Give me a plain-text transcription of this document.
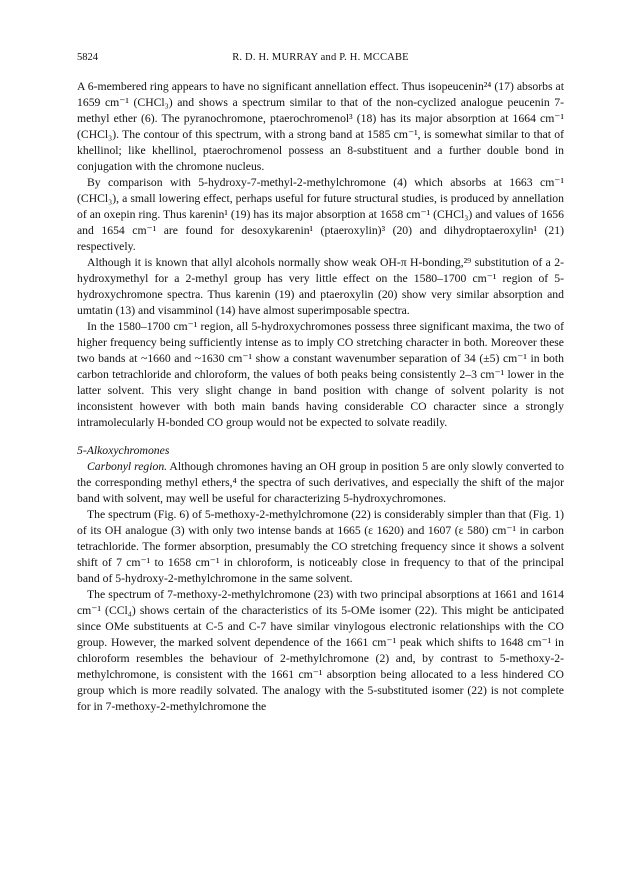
5824	R. D. H. MURRAY and P. H. MCCABE

A 6-membered ring appears to have no significant annellation effect. Thus isopeucenin²⁴ (17) absorbs at 1659 cm⁻¹ (CHCl₃) and shows a spectrum similar to that of the non-cyclized analogue peucenin 7-methyl ether (6). The pyranochromone, ptaerochromenol³ (18) has its major absorption at 1664 cm⁻¹ (CHCl₃). The contour of this spectrum, with a strong band at 1585 cm⁻¹, is somewhat similar to that of khellinol; like khellinol, ptaerochromenol possess an 8-substituent and a further double bond in conjugation with the chromone nucleus.

By comparison with 5-hydroxy-7-methyl-2-methylchromone (4) which absorbs at 1663 cm⁻¹ (CHCl₃), a small lowering effect, perhaps useful for future structural studies, is produced by annellation of an oxepin ring. Thus karenin¹ (19) has its major absorption at 1658 cm⁻¹ (CHCl₃) and values of 1656 and 1654 cm⁻¹ are found for desoxykarenin¹ (ptaeroxylin)³ (20) and dihydroptaeroxylin¹ (21) respectively.

Although it is known that allyl alcohols normally show weak OH-π H-bonding,²⁹ substitution of a 2-hydroxymethyl for a 2-methyl group has very little effect on the 1580–1700 cm⁻¹ region of 5-hydroxychromone spectra. Thus karenin (19) and ptaeroxylin (20) show very similar absorption and umtatin (13) and visamminol (14) have almost superimposable spectra.

In the 1580–1700 cm⁻¹ region, all 5-hydroxychromones possess three significant maxima, the two of higher frequency being sufficiently intense as to imply CO stretching character in both. Moreover these two bands at ~1660 and ~1630 cm⁻¹ show a constant wavenumber separation of 34 (±5) cm⁻¹ in both carbon tetrachloride and chloroform, the values of both peaks being consistently 2–3 cm⁻¹ lower in the latter solvent. This very slight change in band position with change of solvent polarity is not inconsistent however with both main bands having considerable CO character since a strongly intramolecularly H-bonded CO group would not be expected to solvate readily.

5-Alkoxychromones

Carbonyl region. Although chromones having an OH group in position 5 are only slowly converted to the corresponding methyl ethers,⁴ the spectra of such derivatives, and especially the shift of the major band with solvent, may well be useful for characterizing 5-hydroxychromones.

The spectrum (Fig. 6) of 5-methoxy-2-methylchromone (22) is considerably simpler than that (Fig. 1) of its OH analogue (3) with only two intense bands at 1665 (ε 1620) and 1607 (ε 580) cm⁻¹ in carbon tetrachloride. The former absorption, presumably the CO stretching frequency since it shows a solvent shift of 7 cm⁻¹ to 1658 cm⁻¹ in chloroform, is noticeably close in frequency to that of the principal band of 5-hydroxy-2-methylchromone in the same solvent.

The spectrum of 7-methoxy-2-methylchromone (23) with two principal absorptions at 1661 and 1614 cm⁻¹ (CCl₄) shows certain of the characteristics of its 5-OMe isomer (22). This might be anticipated since OMe substituents at C-5 and C-7 have similar vinylogous electronic relationships with the CO group. However, the marked solvent dependence of the 1661 cm⁻¹ peak which shifts to 1648 cm⁻¹ in chloroform resembles the behaviour of 2-methylchromone (2) and, by contrast to 5-methoxy-2-methylchromone, is consistent with the 1661 cm⁻¹ absorption being allocated to a less hindered CO group which is more readily solvated. The analogy with the 5-substituted isomer (22) is not complete for in 7-methoxy-2-methylchromone the
